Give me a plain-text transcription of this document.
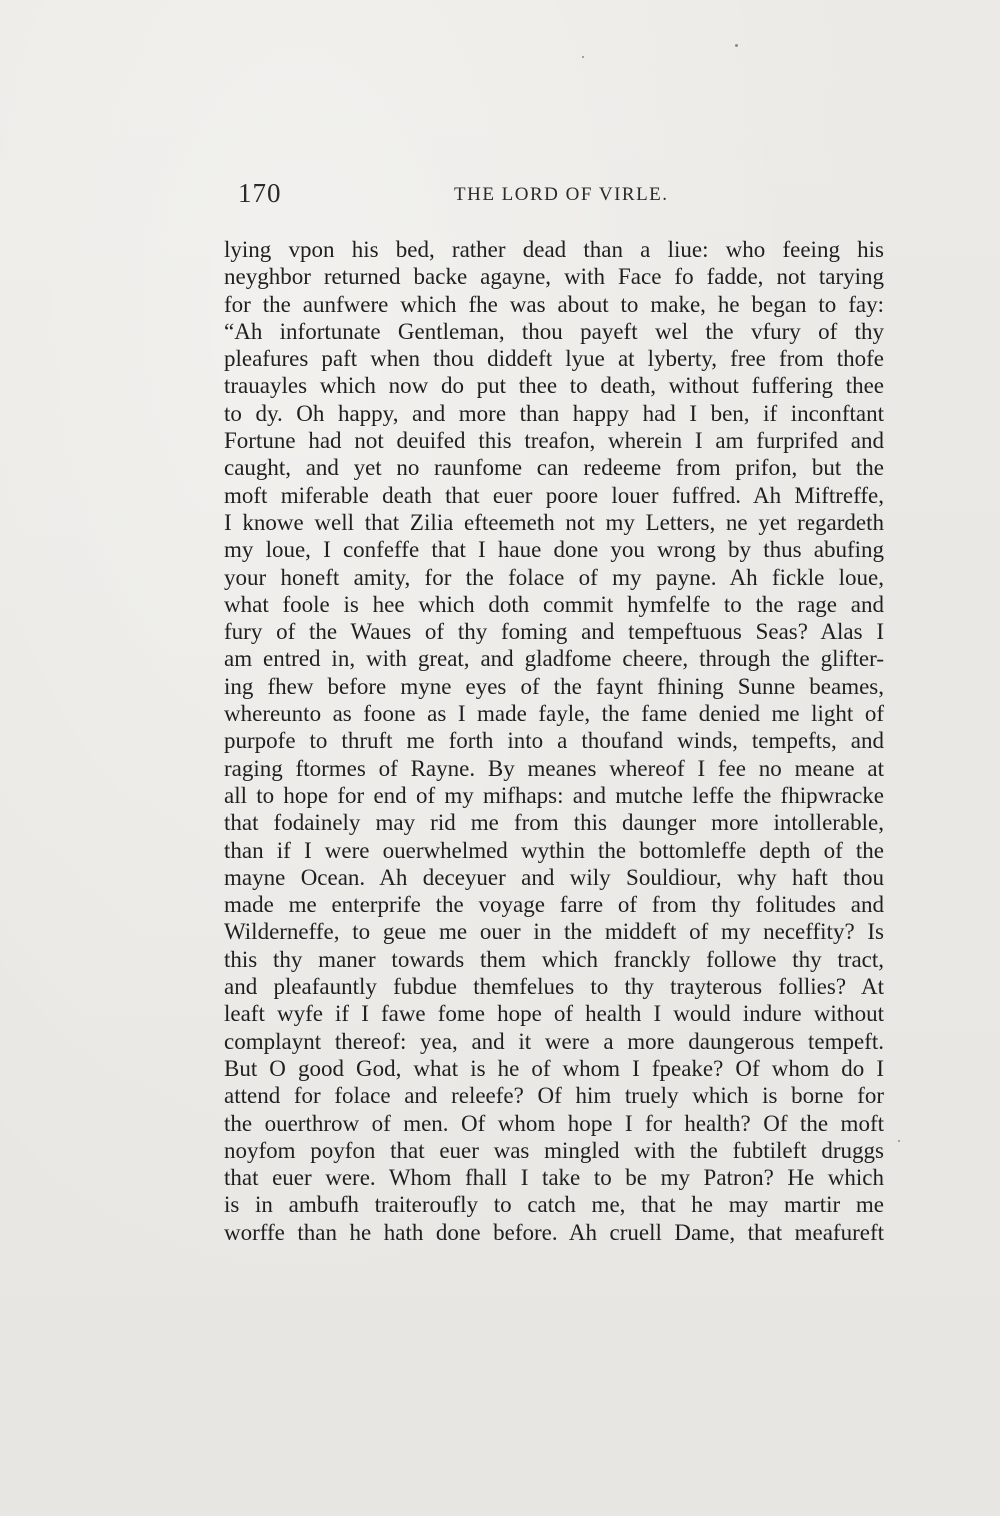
170	THE LORD OF VIRLE.
lying vpon his bed, rather dead than a liue: who feeing his
neyghbor returned backe agayne, with Face fo fadde, not tarying
for the aunfwere which fhe was about to make, he began to fay:
“Ah infortunate Gentleman, thou payeft wel the vfury of thy
pleafures paft when thou diddeft lyue at lyberty, free from thofe
trauayles which now do put thee to death, without fuffering thee
to dy. Oh happy, and more than happy had I ben, if inconftant
Fortune had not deuifed this treafon, wherein I am furprifed and
caught, and yet no raunfome can redeeme from prifon, but the
moft miferable death that euer poore louer fuffred. Ah Miftreffe,
I knowe well that Zilia efteemeth not my Letters, ne yet regardeth
my loue, I confeffe that I haue done you wrong by thus abufing
your honeft amity, for the folace of my payne. Ah fickle loue,
what foole is hee which doth commit hymfelfe to the rage and
fury of the Waues of thy foming and tempeftuous Seas? Alas I
am entred in, with great, and gladfome cheere, through the glifter-
ing fhew before myne eyes of the faynt fhining Sunne beames,
whereunto as foone as I made fayle, the fame denied me light of
purpofe to thruft me forth into a thoufand winds, tempefts, and
raging ftormes of Rayne. By meanes whereof I fee no meane at
all to hope for end of my mifhaps: and mutche leffe the fhipwracke
that fodainely may rid me from this daunger more intollerable,
than if I were ouerwhelmed wythin the bottomleffe depth of the
mayne Ocean. Ah deceyuer and wily Souldiour, why haft thou
made me enterprife the voyage farre of from thy folitudes and
Wilderneffe, to geue me ouer in the middeft of my neceffity? Is
this thy maner towards them which franckly followe thy tract,
and pleafauntly fubdue themfelues to thy trayterous follies? At
leaft wyfe if I fawe fome hope of health I would indure without
complaynt thereof: yea, and it were a more daungerous tempeft.
But O good God, what is he of whom I fpeake? Of whom do I
attend for folace and releefe? Of him truely which is borne for
the ouerthrow of men. Of whom hope I for health? Of the moft
noyfom poyfon that euer was mingled with the fubtileft druggs
that euer were. Whom fhall I take to be my Patron? He which
is in ambufh traiteroufly to catch me, that he may martir me
worffe than he hath done before. Ah cruell Dame, that meafureft
